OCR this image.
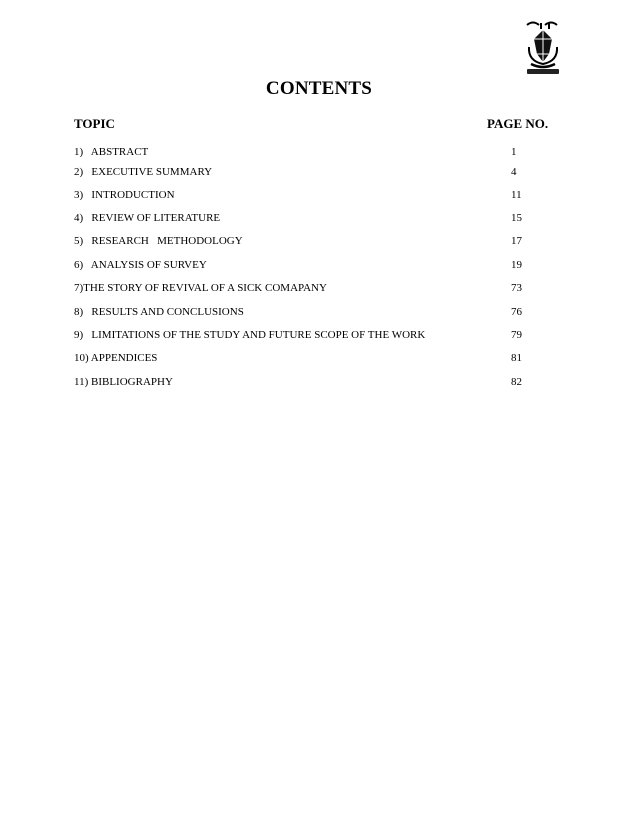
CONTENTS
TOPIC	PAGE NO.
1)   ABSTRACT	1
2)   EXECUTIVE SUMMARY	4
3)   INTRODUCTION	11
4)   REVIEW OF LITERATURE	15
5)   RESEARCH   METHODOLOGY	17
6)   ANALYSIS OF SURVEY	19
7)THE STORY OF REVIVAL OF A SICK COMAPANY	73
8)   RESULTS AND CONCLUSIONS	76
9)   LIMITATIONS OF THE STUDY AND FUTURE SCOPE OF THE WORK	79
10) APPENDICES	81
11) BIBLIOGRAPHY	82
